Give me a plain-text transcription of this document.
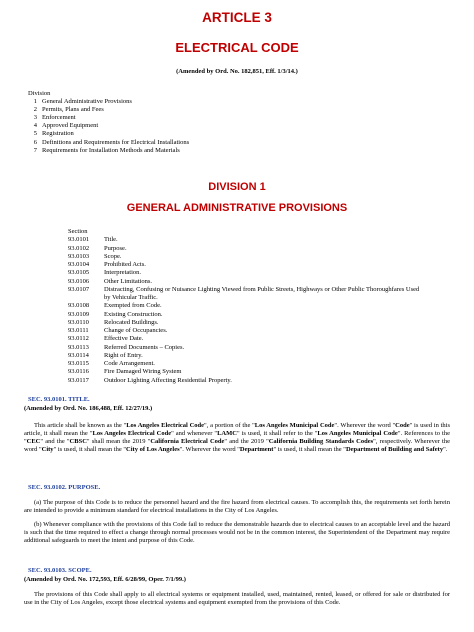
ARTICLE 3
ELECTRICAL CODE
(Amended by Ord. No. 182,851, Eff. 1/3/14.)
Division
1 General Administrative Provisions
2 Permits, Plans and Fees
3 Enforcement
4 Approved Equipment
5 Registration
6 Definitions and Requirements for Electrical Installations
7 Requirements for Installation Methods and Materials
DIVISION 1
GENERAL ADMINISTRATIVE PROVISIONS
Section
93.0101 Title.
93.0102 Purpose.
93.0103 Scope.
93.0104 Prohibited Acts.
93.0105 Interpretation.
93.0106 Other Limitations.
93.0107 Distracting, Confusing or Nuisance Lighting Viewed from Public Streets, Highways or Other Public Thoroughfares Used
by Vehicular Traffic.
93.0108 Exempted from Code.
93.0109 Existing Construction.
93.0110 Relocated Buildings.
93.0111 Change of Occupancies.
93.0112 Effective Date.
93.0113 Referred Documents – Copies.
93.0114 Right of Entry.
93.0115 Code Arrangement.
93.0116 Fire Damaged Wiring System
93.0117 Outdoor Lighting Affecting Residential Property.
SEC. 93.0101. TITLE.
(Amended by Ord. No. 186,488, Eff. 12/27/19.)

This article shall be known as the "Los Angeles Electrical Code", a portion of the "Los Angeles Municipal Code". Wherever the word "Code" is used in this article, it shall mean the "Los Angeles Electrical Code" and whenever "LAMC" is used, it shall refer to the "Los Angeles Municipal Code". References to the "CEC" and the "CBSC" shall mean the 2019 "California Electrical Code" and the 2019 "California Building Standards Codes", respectively. Wherever the word "City" is used, it shall mean the "City of Los Angeles". Wherever the word "Department" is used, it shall mean the "Department of Building and Safety".

SEC. 93.0102. PURPOSE.

(a) The purpose of this Code is to reduce the personnel hazard and the fire hazard from electrical causes. To accomplish this, the requirements set forth herein are intended to provide a minimum standard for electrical installations in the City of Los Angeles.

(b) Whenever compliance with the provisions of this Code fail to reduce the demonstrable hazards due to electrical causes to an acceptable level and the hazard is such that the time required to effect a change through normal processes would not be in the common interest, the Superintendent of the Department may require additional safeguards to meet the intent and purpose of this Code.

SEC. 93.0103. SCOPE.
(Amended by Ord. No. 172,593, Eff. 6/28/99, Oper. 7/1/99.)

The provisions of this Code shall apply to all electrical systems or equipment installed, used, maintained, rented, leased, or offered for sale or distributed for use in the City of Los Angeles, except those electrical systems and equipment exempted from the provisions of this Code.
